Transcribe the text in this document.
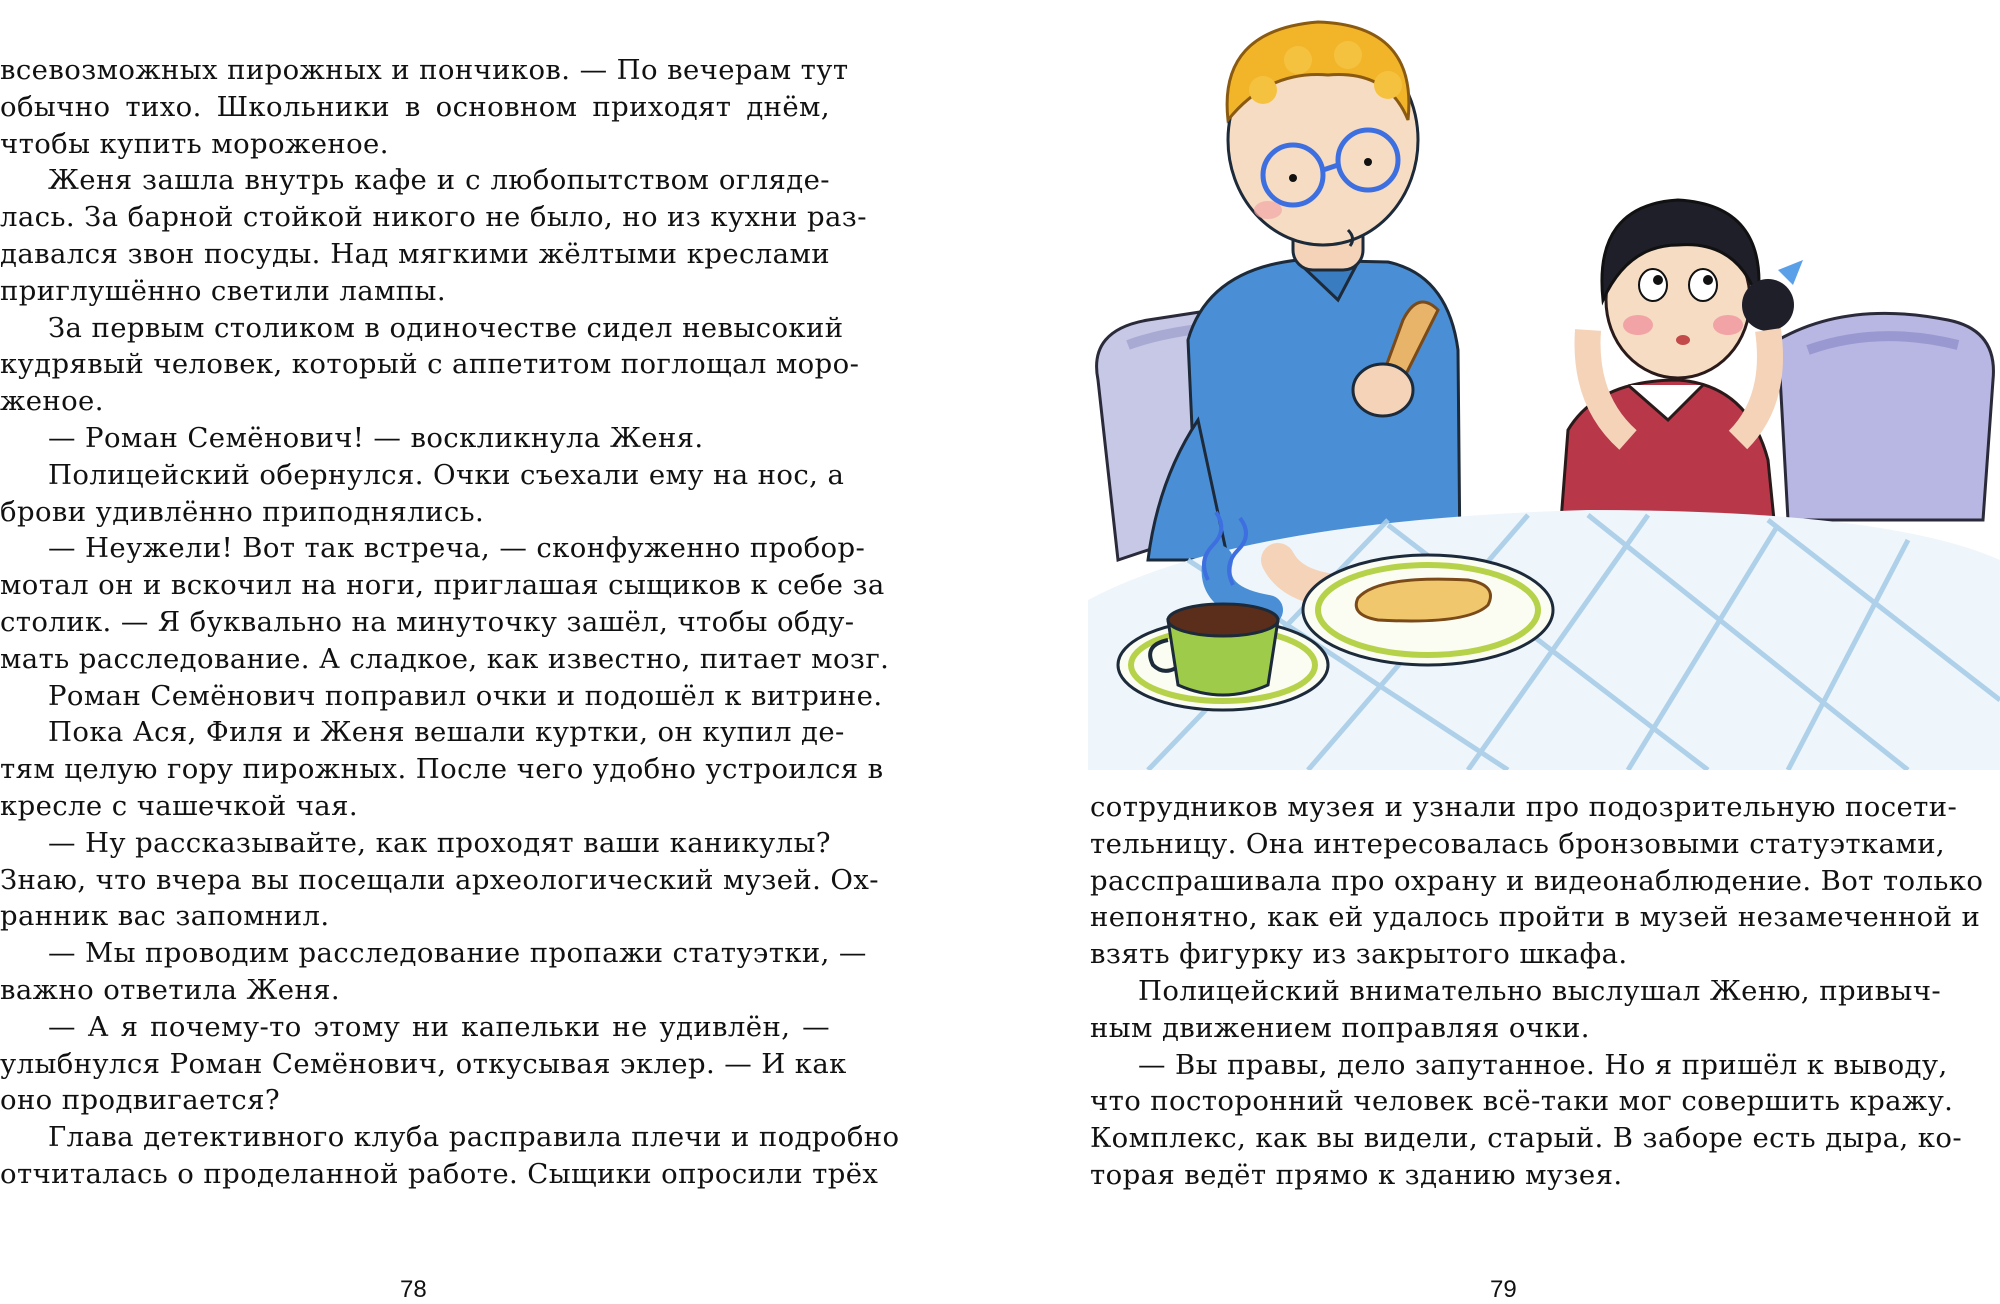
всевозможных пирожных и пончиков. — По вечерам тут
обычно тихо. Школьники в основном приходят днём,
чтобы купить мороженое.
Женя зашла внутрь кафе и с любопытством огляде-
лась. За барной стойкой никого не было, но из кухни раз-
давался звон посуды. Над мягкими жёлтыми креслами
приглушённо светили лампы.
За первым столиком в одиночестве сидел невысокий
кудрявый человек, который с аппетитом поглощал моро-
женое.
— Роман Семёнович! — воскликнула Женя.
Полицейский обернулся. Очки съехали ему на нос, а
брови удивлённо приподнялись.
— Неужели! Вот так встреча, — сконфуженно пробор-
мотал он и вскочил на ноги, приглашая сыщиков к себе за
столик. — Я буквально на минуточку зашёл, чтобы обду-
мать расследование. А сладкое, как известно, питает мозг.
Роман Семёнович поправил очки и подошёл к витрине.
Пока Ася, Филя и Женя вешали куртки, он купил де-
тям целую гору пирожных. После чего удобно устроился в
кресле с чашечкой чая.
— Ну рассказывайте, как проходят ваши каникулы?
Знаю, что вчера вы посещали археологический музей. Ох-
ранник вас запомнил.
— Мы проводим расследование пропажи статуэтки, —
важно ответила Женя.
— А я почему-то этому ни капельки не удивлён, —
улыбнулся Роман Семёнович, откусывая эклер. — И как
оно продвигается?
Глава детективного клуба расправила плечи и подробно
отчиталась о проделанной работе. Сыщики опросили трёх
78
сотрудников музея и узнали про подозрительную посети-
тельницу. Она интересовалась бронзовыми статуэтками,
расспрашивала про охрану и видеонаблюдение. Вот только
непонятно, как ей удалось пройти в музей незамеченной и
взять фигурку из закрытого шкафа.
Полицейский внимательно выслушал Женю, привыч-
ным движением поправляя очки.
— Вы правы, дело запутанное. Но я пришёл к выводу,
что посторонний человек всё-таки мог совершить кражу.
Комплекс, как вы видели, старый. В заборе есть дыра, ко-
торая ведёт прямо к зданию музея.
79
